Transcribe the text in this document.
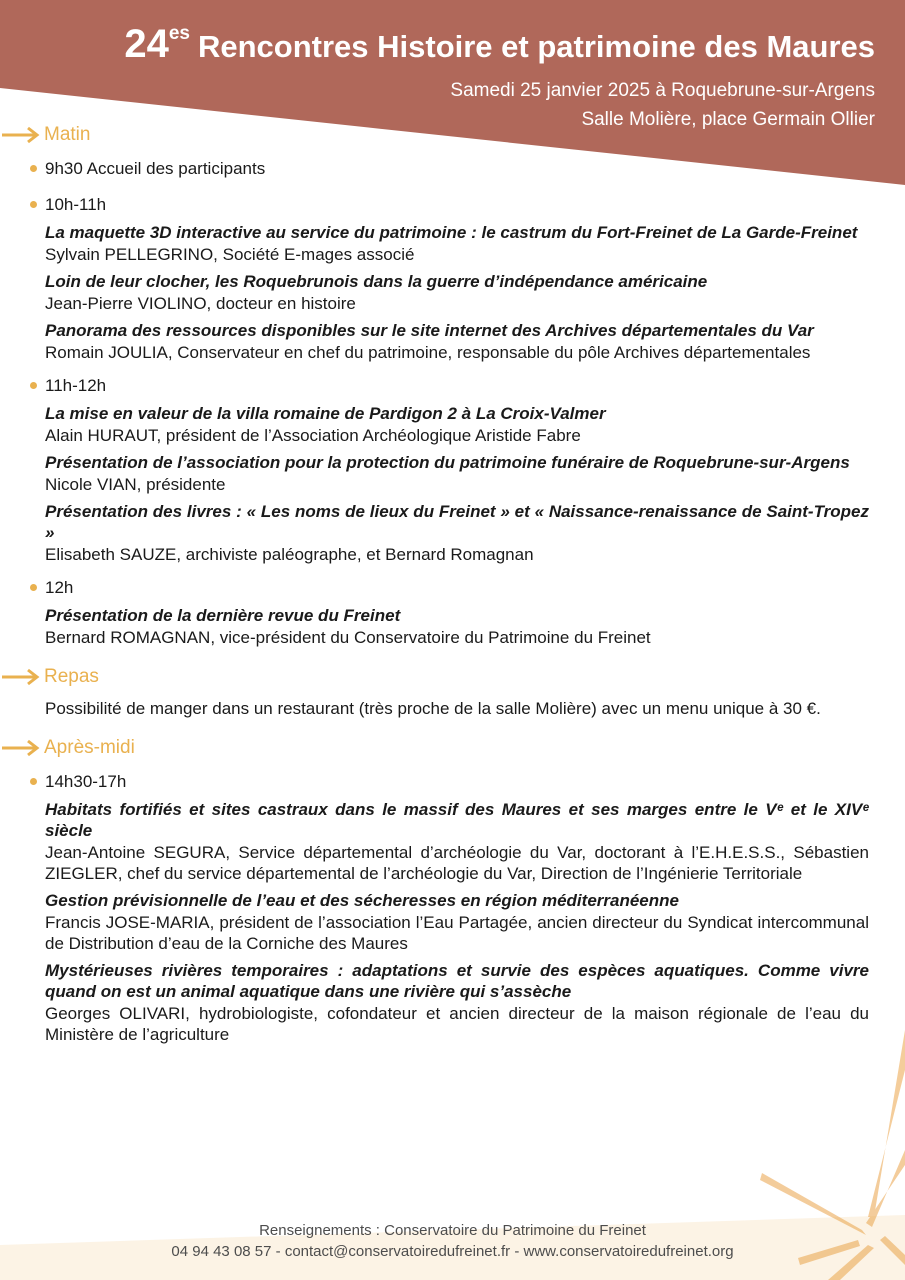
$24^{es}$ Rencontres Histoire et patrimoine des Maures
Samedi 25 janvier 2025 à Roquebrune-sur-Argens
Salle Molière, place Germain Ollier
Matin
9h30 Accueil des participants
10h-11h

La maquette 3D interactive au service du patrimoine : le castrum du Fort-Freinet de La Garde-Freinet

Sylvain PELLEGRINO, Société E-mages associé

Loin de leur clocher, les Roquebrunois dans la guerre d’indépendance américaine

Jean-Pierre VIOLINO, docteur en histoire

Panorama des ressources disponibles sur le site internet des Archives départementales du Var

Romain JOULIA, Conservateur en chef du patrimoine, responsable du pôle Archives départementales

11h-12h

La mise en valeur de la villa romaine de Pardigon 2 à La Croix-Valmer

Alain HURAUT, président de l’Association Archéologique Aristide Fabre

Présentation de l’association pour la protection du patrimoine funéraire de Roquebrune-sur-Argens

Nicole VIAN, présidente

Présentation des livres : « Les noms de lieux du Freinet » et « Naissance-renaissance de Saint-Tropez »

Elisabeth SAUZE, archiviste paléographe, et Bernard Romagnan

12h

Présentation de la dernière revue du Freinet

Bernard ROMAGNAN, vice-président du Conservatoire du Patrimoine du Freinet

Repas

Possibilité de manger dans un restaurant (très proche de la salle Molière) avec un menu unique à 30 €.

Après-midi
14h30-17h

Habitats fortifiés et sites castraux dans le massif des Maures et ses marges entre le Vᵉ et le XIVᵉ siècle

Jean-Antoine SEGURA, Service départemental d’archéologie du Var, doctorant à l’E.H.E.S.S., Sébastien ZIEGLER, chef du service départemental de l’archéologie du Var, Direction de l’Ingénierie Territoriale

Gestion prévisionnelle de l’eau et des sécheresses en région méditerranéenne

Francis JOSE-MARIA, président de l’association l’Eau Partagée, ancien directeur du Syndicat intercommunal de Distribution d’eau de la Corniche des Maures

Mystérieuses rivières temporaires : adaptations et survie des espèces aquatiques. Comme vivre quand on est un animal aquatique dans une rivière qui s’assèche

Georges OLIVARI, hydrobiologiste, cofondateur et ancien directeur de la maison régionale de l’eau du Ministère de l’agriculture

Renseignements : Conservatoire du Patrimoine du Freinet
04 94 43 08 57 - contact@conservatoiredufreinet.fr - www.conservatoiredufreinet.org
